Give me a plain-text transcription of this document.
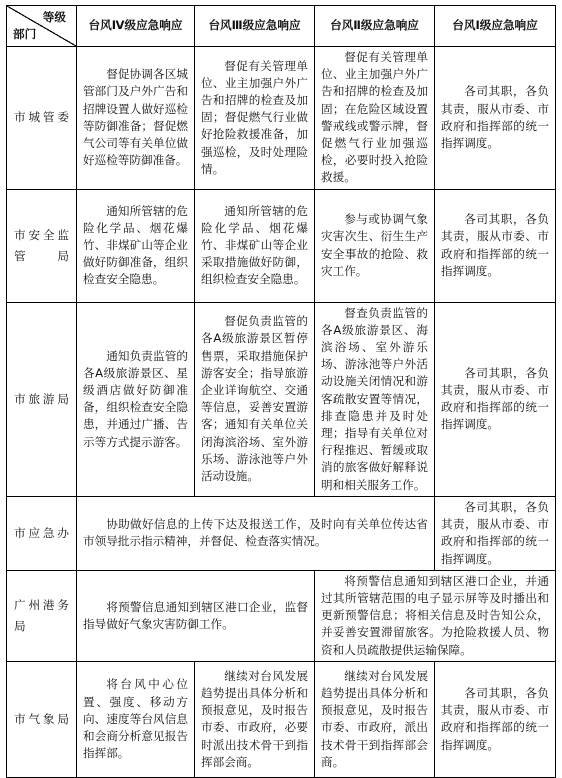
等级
部门	台风Ⅳ级应急响应	台风Ⅲ级应急响应	台风Ⅱ级应急响应	台风Ⅰ级应急响应
市城管委	督促协调各区城管部门及户外广告和招牌设置人做好巡检等防御准备；督促燃气公司等有关单位做好巡检等防御准备。	督促有关管理单位、业主加强户外广告和招牌的检查及加固；督促燃气行业做好抢险救援准备，加强巡检，及时处理险情。	督促有关管理单位、业主加强户外广告和招牌的检查及加固；在危险区域设置警戒线或警示牌，督促燃气行业加强巡检，必要时投入抢险救援。	各司其职，各负其责，服从市委、市政府和指挥部的统一指挥调度。

市安全监管局	通知所管辖的危险化学品、烟花爆竹、非煤矿山等企业做好防御准备，组织检查安全隐患。	通知所管辖的危险化学品、烟花爆竹、非煤矿山等企业采取措施做好防御，组织检查安全隐患。	参与或协调气象灾害次生、衍生生产安全事故的抢险、救灾工作。	各司其职，各负其责，服从市委、市政府和指挥部的统一指挥调度。

市旅游局	通知负责监管的各A级旅游景区、星级酒店做好防御准备，组织检查安全隐患，并通过广播、告示等方式提示游客。	督促负责监管的各A级旅游景区暂停售票，采取措施保护游客安全；指导旅游企业详询航空、交通等信息，妥善安置游客；通知有关单位关闭海滨浴场、室外游乐场、游泳池等户外活动设施。	督查负责监管的各A级旅游景区、海滨浴场、室外游乐场、游泳池等户外活动设施关闭情况和游客疏散安置等情况，排查隐患并及时处理；指导有关单位对行程推迟、暂缓或取消的旅客做好解释说明和相关服务工作。	各司其职，各负其责，服从市委、市政府和指挥部的统一指挥调度。

市应急办	协助做好信息的上传下达及报送工作，及时向有关单位传达省市领导批示指示精神，并督促、检查落实情况。			各司其职，各负其责，服从市委、市政府和指挥部的统一指挥调度。

广州港务局	将预警信息通知到辖区港口企业，监督指导做好气象灾害防御工作。		将预警信息通知到辖区港口企业，并通过其所管辖范围的电子显示屏等及时播出和更新预警信息；将相关信息及时告知公众，并妥善安置滞留旅客。为抢险救援人员、物资和人员疏散提供运输保障。	

市气象局	将台风中心位置、强度、移动方向、速度等台风信息和会商分析意见报告指挥部。	继续对台风发展趋势提出具体分析和预报意见，及时报告市委、市政府，必要时派出技术骨干到指挥部会商。	继续对台风发展趋势提出具体分析和预报意见，及时报告市委、市政府，派出技术骨干到指挥部会商。	各司其职，各负其责，服从市委、市政府和指挥部的统一指挥调度。
